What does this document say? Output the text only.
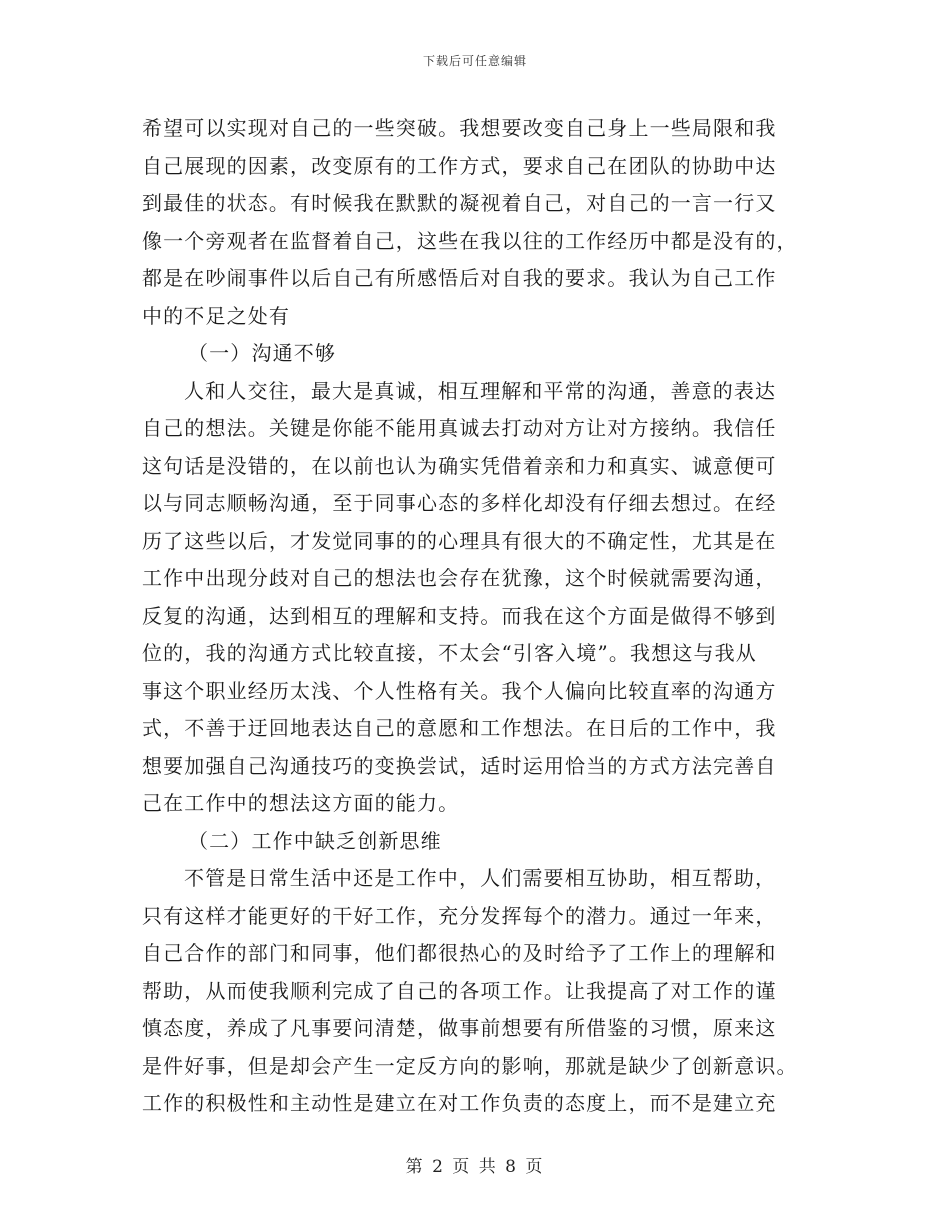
下载后可任意编辑
希望可以实现对自己的一些突破。我想要改变自己身上一些局限和我
自己展现的因素，改变原有的工作方式，要求自己在团队的协助中达
到最佳的状态。有时候我在默默的凝视着自己，对自己的一言一行又
像一个旁观者在监督着自己，这些在我以往的工作经历中都是没有的，
都是在吵闹事件以后自己有所感悟后对自我的要求。我认为自己工作
中的不足之处有
（一）沟通不够
人和人交往，最大是真诚，相互理解和平常的沟通，善意的表达
自己的想法。关键是你能不能用真诚去打动对方让对方接纳。我信任
这句话是没错的，在以前也认为确实凭借着亲和力和真实、诚意便可
以与同志顺畅沟通，至于同事心态的多样化却没有仔细去想过。在经
历了这些以后，才发觉同事的的心理具有很大的不确定性，尤其是在
工作中出现分歧对自己的想法也会存在犹豫，这个时候就需要沟通，
反复的沟通，达到相互的理解和支持。而我在这个方面是做得不够到
位的，我的沟通方式比较直接，不太会“引客入境”。我想这与我从
事这个职业经历太浅、个人性格有关。我个人偏向比较直率的沟通方
式，不善于迂回地表达自己的意愿和工作想法。在日后的工作中，我
想要加强自己沟通技巧的变换尝试，适时运用恰当的方式方法完善自
己在工作中的想法这方面的能力。
（二）工作中缺乏创新思维
不管是日常生活中还是工作中，人们需要相互协助，相互帮助，
只有这样才能更好的干好工作，充分发挥每个的潜力。通过一年来，
自己合作的部门和同事，他们都很热心的及时给予了工作上的理解和
帮助，从而使我顺利完成了自己的各项工作。让我提高了对工作的谨
慎态度，养成了凡事要问清楚，做事前想要有所借鉴的习惯，原来这
是件好事，但是却会产生一定反方向的影响，那就是缺少了创新意识。
工作的积极性和主动性是建立在对工作负责的态度上，而不是建立充
第 2 页 共 8 页
